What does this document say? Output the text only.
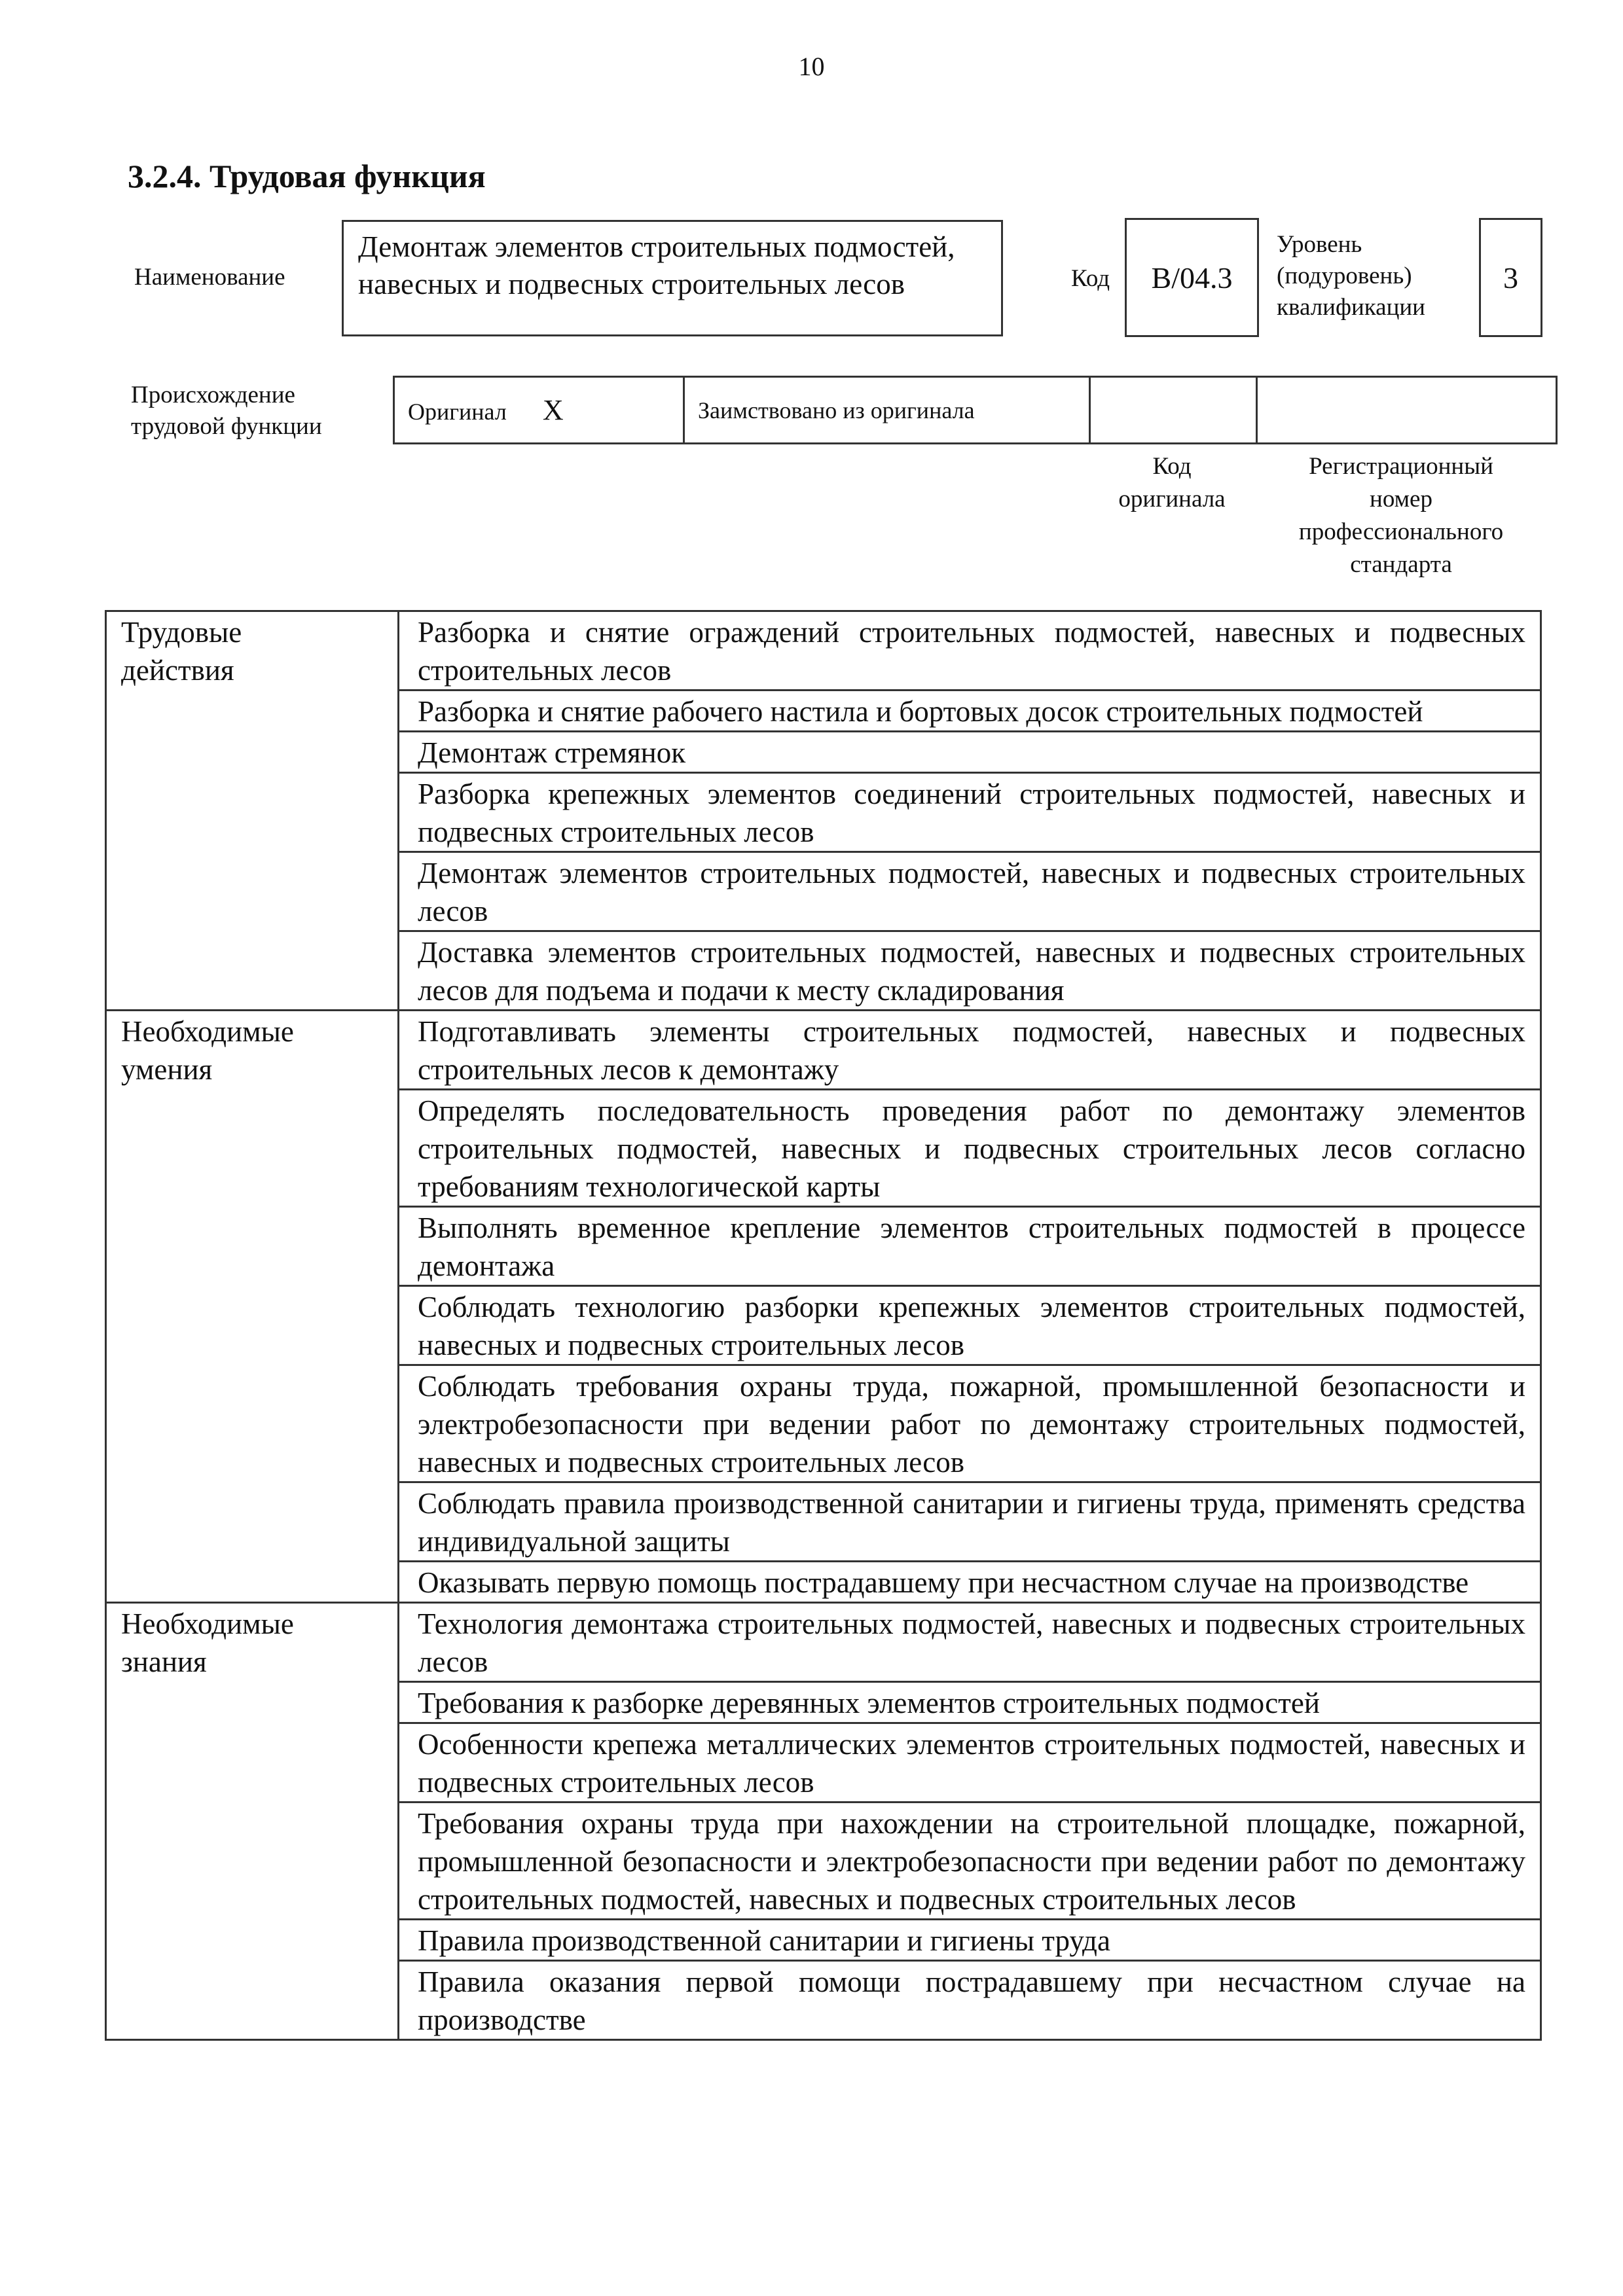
10
3.2.4. Трудовая функция
Наименование
Демонтаж элементов строительных подмостей, навесных и подвесных строительных лесов	Код	B/04.3
Уровень
(подуровень)
квалификации
3
Происхождение
трудовой функции
Оригинал X	Заимствовано из оригинала		
Код
оригинала
Регистрационный
номер
профессионального
стандарта
Трудовые
действия	Разборка и снятие ограждений строительных подмостей, навесных и подвесных строительных лесов
	Разборка и снятие рабочего настила и бортовых досок строительных подмостей
	Демонтаж стремянок
	Разборка крепежных элементов соединений строительных подмостей, навесных и подвесных строительных лесов
	Демонтаж элементов строительных подмостей, навесных и подвесных строительных лесов
	Доставка элементов строительных подмостей, навесных и подвесных строительных лесов для подъема и подачи к месту складирования

Необходимые
умения	Подготавливать элементы строительных подмостей, навесных и подвесных строительных лесов к демонтажу
	Определять последовательность проведения работ по демонтажу элементов строительных подмостей, навесных и подвесных строительных лесов согласно требованиям технологической карты
	Выполнять временное крепление элементов строительных подмостей в процессе демонтажа
	Соблюдать технологию разборки крепежных элементов строительных подмостей, навесных и подвесных строительных лесов
	Соблюдать требования охраны труда, пожарной, промышленной безопасности и электробезопасности при ведении работ по демонтажу строительных подмостей, навесных и подвесных строительных лесов
	Соблюдать правила производственной санитарии и гигиены труда, применять средства индивидуальной защиты
	Оказывать первую помощь пострадавшему при несчастном случае на производстве

Необходимые
знания	Технология демонтажа строительных подмостей, навесных и подвесных строительных лесов
	Требования к разборке деревянных элементов строительных подмостей
	Особенности крепежа металлических элементов строительных подмостей, навесных и подвесных строительных лесов
	Требования охраны труда при нахождении на строительной площадке, пожарной, промышленной безопасности и электробезопасности при ведении работ по демонтажу строительных подмостей, навесных и подвесных строительных лесов
	Правила производственной санитарии и гигиены труда
	Правила оказания первой помощи пострадавшему при несчастном случае на производстве
